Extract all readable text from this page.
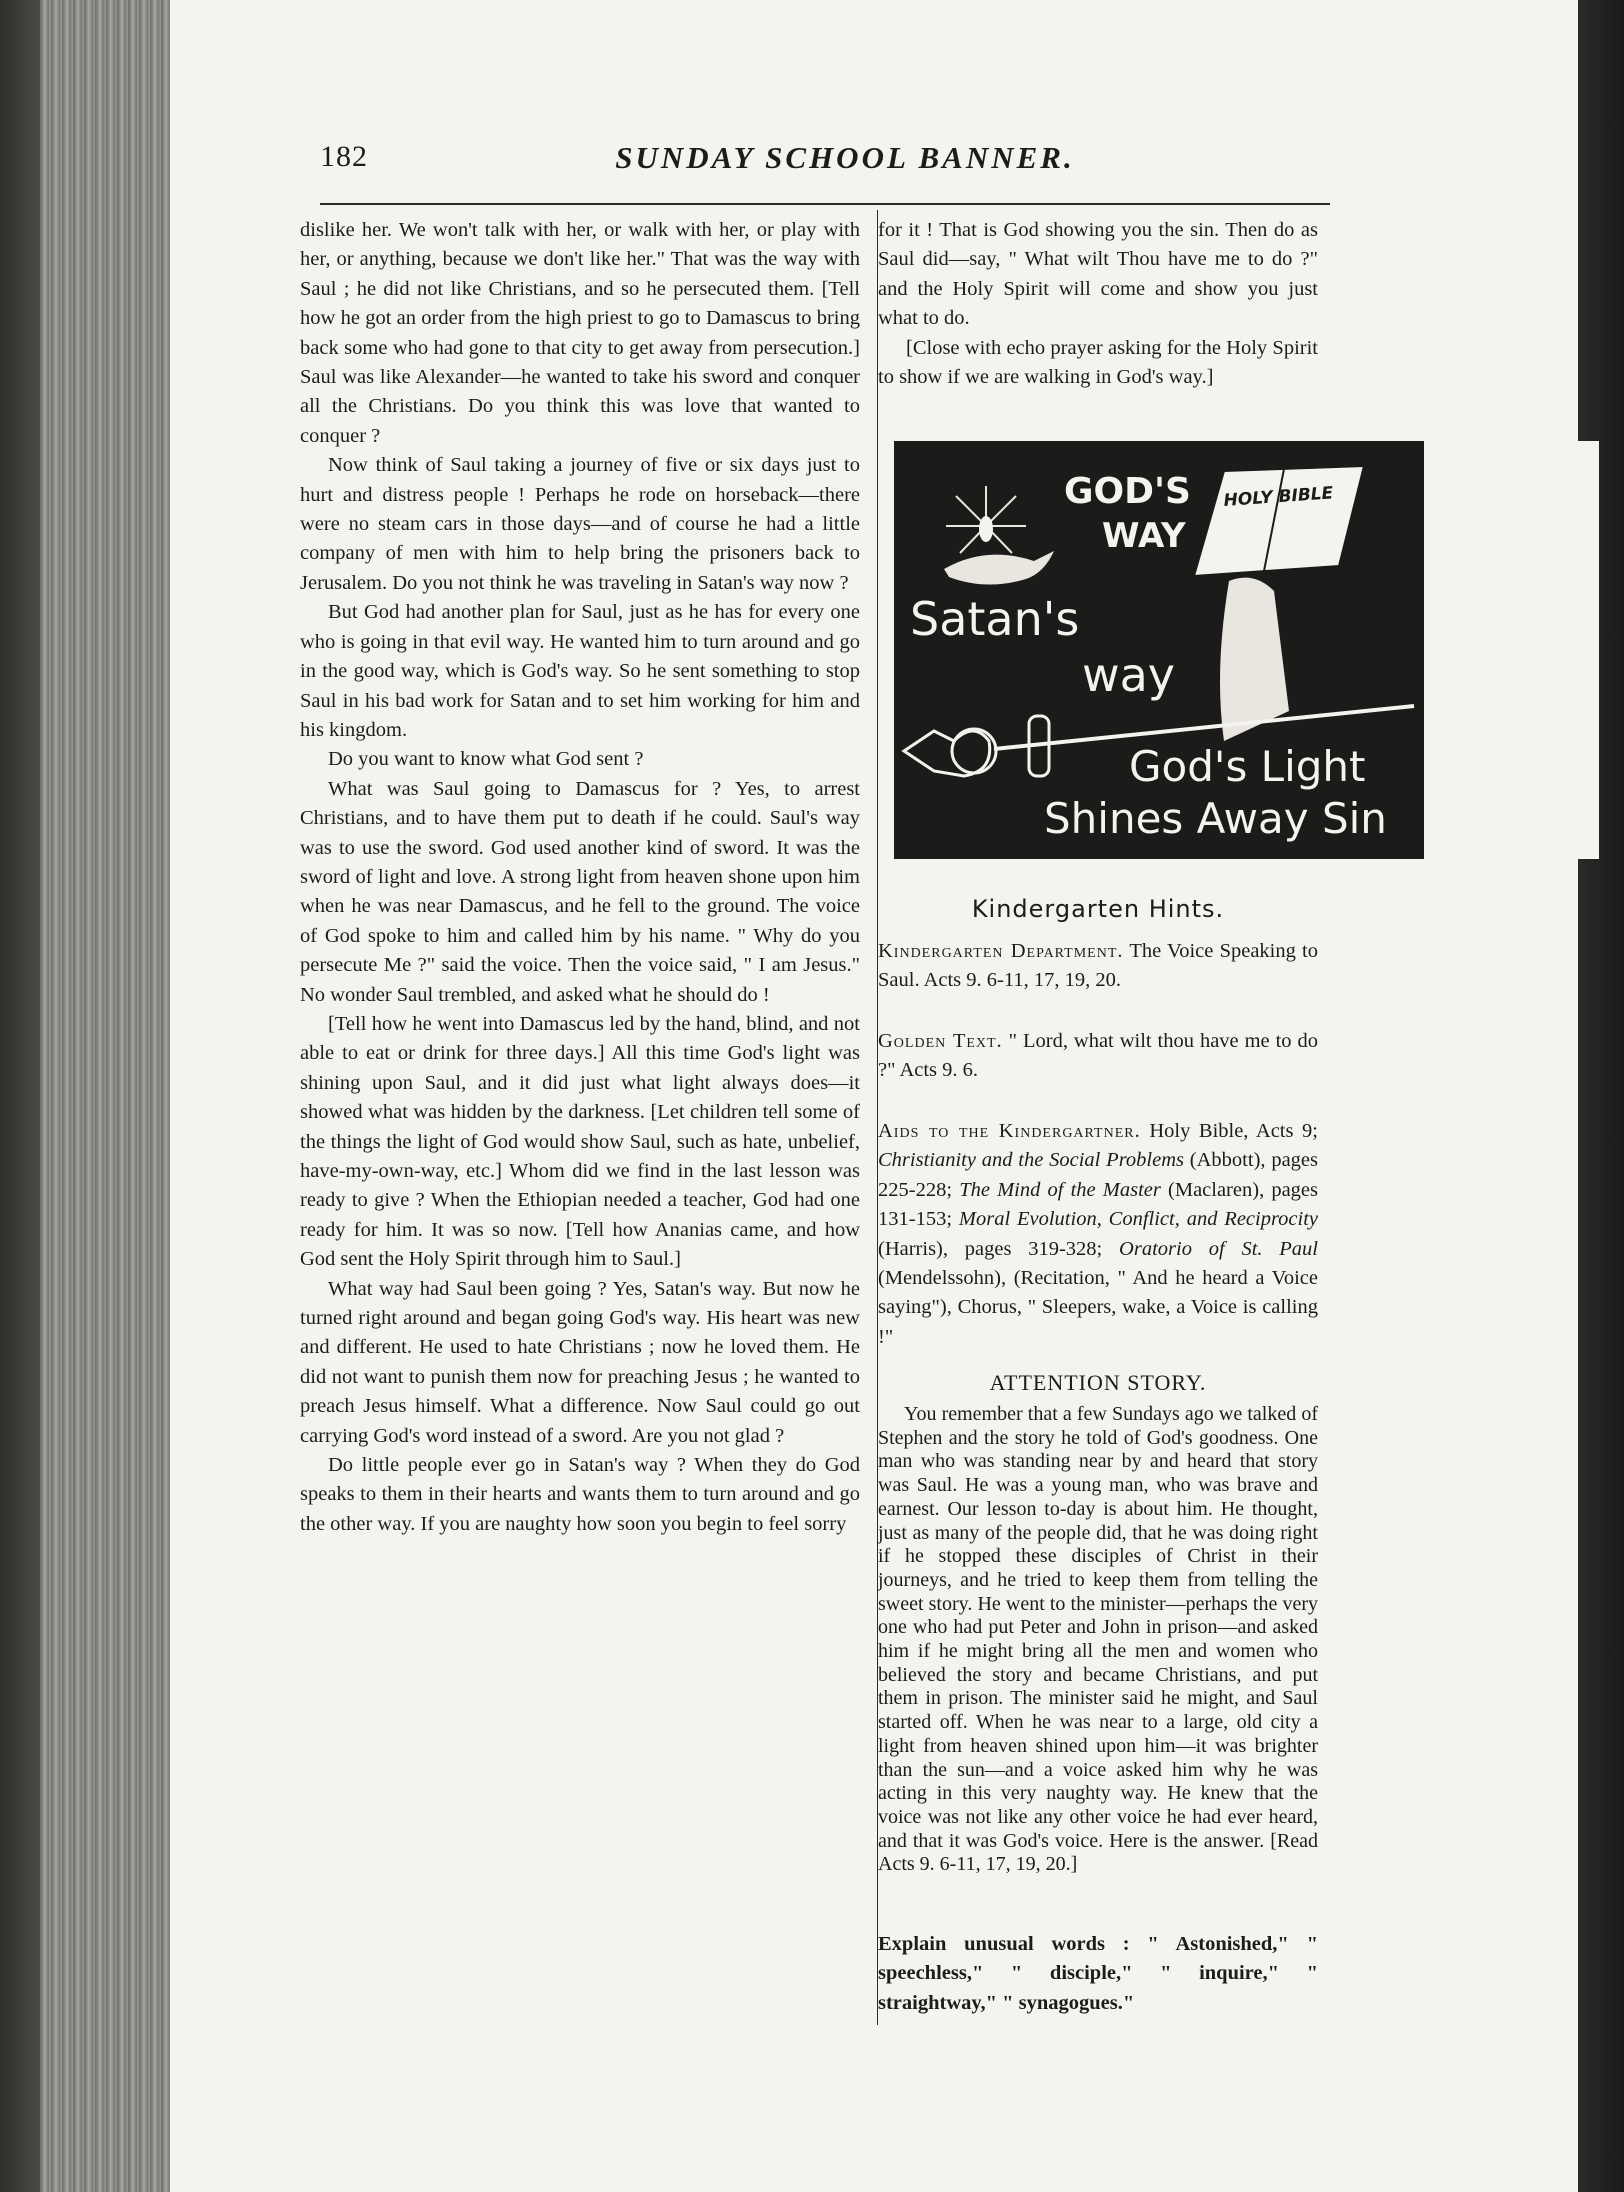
182	SUNDAY SCHOOL BANNER.

dislike her. We won't talk with her, or walk with her, or play with her, or anything, because we don't like her." That was the way with Saul ; he did not like Christians, and so he persecuted them. [Tell how he got an order from the high priest to go to Damascus to bring back some who had gone to that city to get away from persecution.] Saul was like Alexander—he wanted to take his sword and conquer all the Christians. Do you think this was love that wanted to conquer ?

Now think of Saul taking a journey of five or six days just to hurt and distress people ! Perhaps he rode on horseback—there were no steam cars in those days—and of course he had a little company of men with him to help bring the prisoners back to Jerusalem. Do you not think he was traveling in Satan's way now ?

But God had another plan for Saul, just as he has for every one who is going in that evil way. He wanted him to turn around and go in the good way, which is God's way. So he sent something to stop Saul in his bad work for Satan and to set him working for him and his kingdom.

Do you want to know what God sent ?

What was Saul going to Damascus for ? Yes, to arrest Christians, and to have them put to death if he could. Saul's way was to use the sword. God used another kind of sword. It was the sword of light and love. A strong light from heaven shone upon him when he was near Damascus, and he fell to the ground. The voice of God spoke to him and called him by his name. " Why do you persecute Me ?" said the voice. Then the voice said, " I am Jesus." No wonder Saul trembled, and asked what he should do !

[Tell how he went into Damascus led by the hand, blind, and not able to eat or drink for three days.] All this time God's light was shining upon Saul, and it did just what light always does—it showed what was hidden by the darkness. [Let children tell some of the things the light of God would show Saul, such as hate, unbelief, have-my-own-way, etc.] Whom did we find in the last lesson was ready to give ? When the Ethiopian needed a teacher, God had one ready for him. It was so now. [Tell how Ananias came, and how God sent the Holy Spirit through him to Saul.]

What way had Saul been going ? Yes, Satan's way. But now he turned right around and began going God's way. His heart was new and different. He used to hate Christians ; now he loved them. He did not want to punish them now for preaching Jesus ; he wanted to preach Jesus himself. What a difference. Now Saul could go out carrying God's word instead of a sword. Are you not glad ?

Do little people ever go in Satan's way ? When they do God speaks to them in their hearts and wants them to turn around and go the other way. If you are naughty how soon you begin to feel sorry

for it ! That is God showing you the sin. Then do as Saul did—say, " What wilt Thou have me to do ?" and the Holy Spirit will come and show you just what to do.

[Close with echo prayer asking for the Holy Spirit to show if we are walking in God's way.]

GOD'S
WAY
HOLY BIBLE
Satan's
way
God's Light
Shines Away Sin
Kindergarten Hints.
Kindergarten Department. The Voice Speaking to Saul. Acts 9. 6-11, 17, 19, 20.
Golden Text. " Lord, what wilt thou have me to do ?" Acts 9. 6.
Aids to the Kindergartner. Holy Bible, Acts 9; Christianity and the Social Problems (Abbott), pages 225-228; The Mind of the Master (Maclaren), pages 131-153; Moral Evolution, Conflict, and Reciprocity (Harris), pages 319-328; Oratorio of St. Paul (Mendelssohn), (Recitation, " And he heard a Voice saying"), Chorus, " Sleepers, wake, a Voice is calling !"
ATTENTION STORY.

You remember that a few Sundays ago we talked of Stephen and the story he told of God's goodness. One man who was standing near by and heard that story was Saul. He was a young man, who was brave and earnest. Our lesson to-day is about him. He thought, just as many of the people did, that he was doing right if he stopped these disciples of Christ in their journeys, and he tried to keep them from telling the sweet story. He went to the minister—perhaps the very one who had put Peter and John in prison—and asked him if he might bring all the men and women who believed the story and became Christians, and put them in prison. The minister said he might, and Saul started off. When he was near to a large, old city a light from heaven shined upon him—it was brighter than the sun—and a voice asked him why he was acting in this very naughty way. He knew that the voice was not like any other voice he had ever heard, and that it was God's voice. Here is the answer. [Read Acts 9. 6-11, 17, 19, 20.]

Explain unusual words : " Astonished," " speechless," " disciple," " inquire," " straightway," " synagogues."
